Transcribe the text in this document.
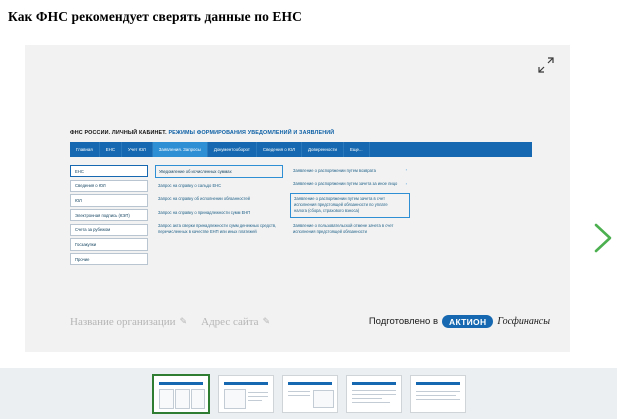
Как ФНС рекомендует сверять данные по ЕНС
ФНС РОССИИ. ЛИЧНЫЙ КАБИНЕТ. РЕЖИМЫ ФОРМИРОВАНИЯ УВЕДОМЛЕНИЙ И ЗАЯВЛЕНИЙ
Главная	ЕНС	Учет ЮЛ	Заявления. Запросы	Документооборот	Сведения о ЮЛ	Доверенности	Еще...
ЕНС
Сведения о ЮЛ
ЮЛ
Электронная подпись (КЭП)
Счета за рубежом
Госзакупки
Прочие
Уведомление об исчисленных суммах
Запрос на справку о сальдо ЕНС
Запрос на справку об исполнении обязанностей
Запрос на справку о принадлежности сумм ЕНП
Запрос акта сверки принадлежности сумм денежных средств, перечисленных в качестве ЕНП или иных платежей
Заявление о распоряжении путем возврата	›
Заявление о распоряжении путем зачета за иное лицо ›
Заявление о распоряжении путем зачета в счет исполнения предстоящей обязанности по уплате налога (сбора, страхового взноса)
Заявление о пользовательской отмене зачета в счет исполнения предстоящей обязанности
Название организации ✎ Адрес сайта ✎	Подготовлено в	АКТИОН	Госфинансы
